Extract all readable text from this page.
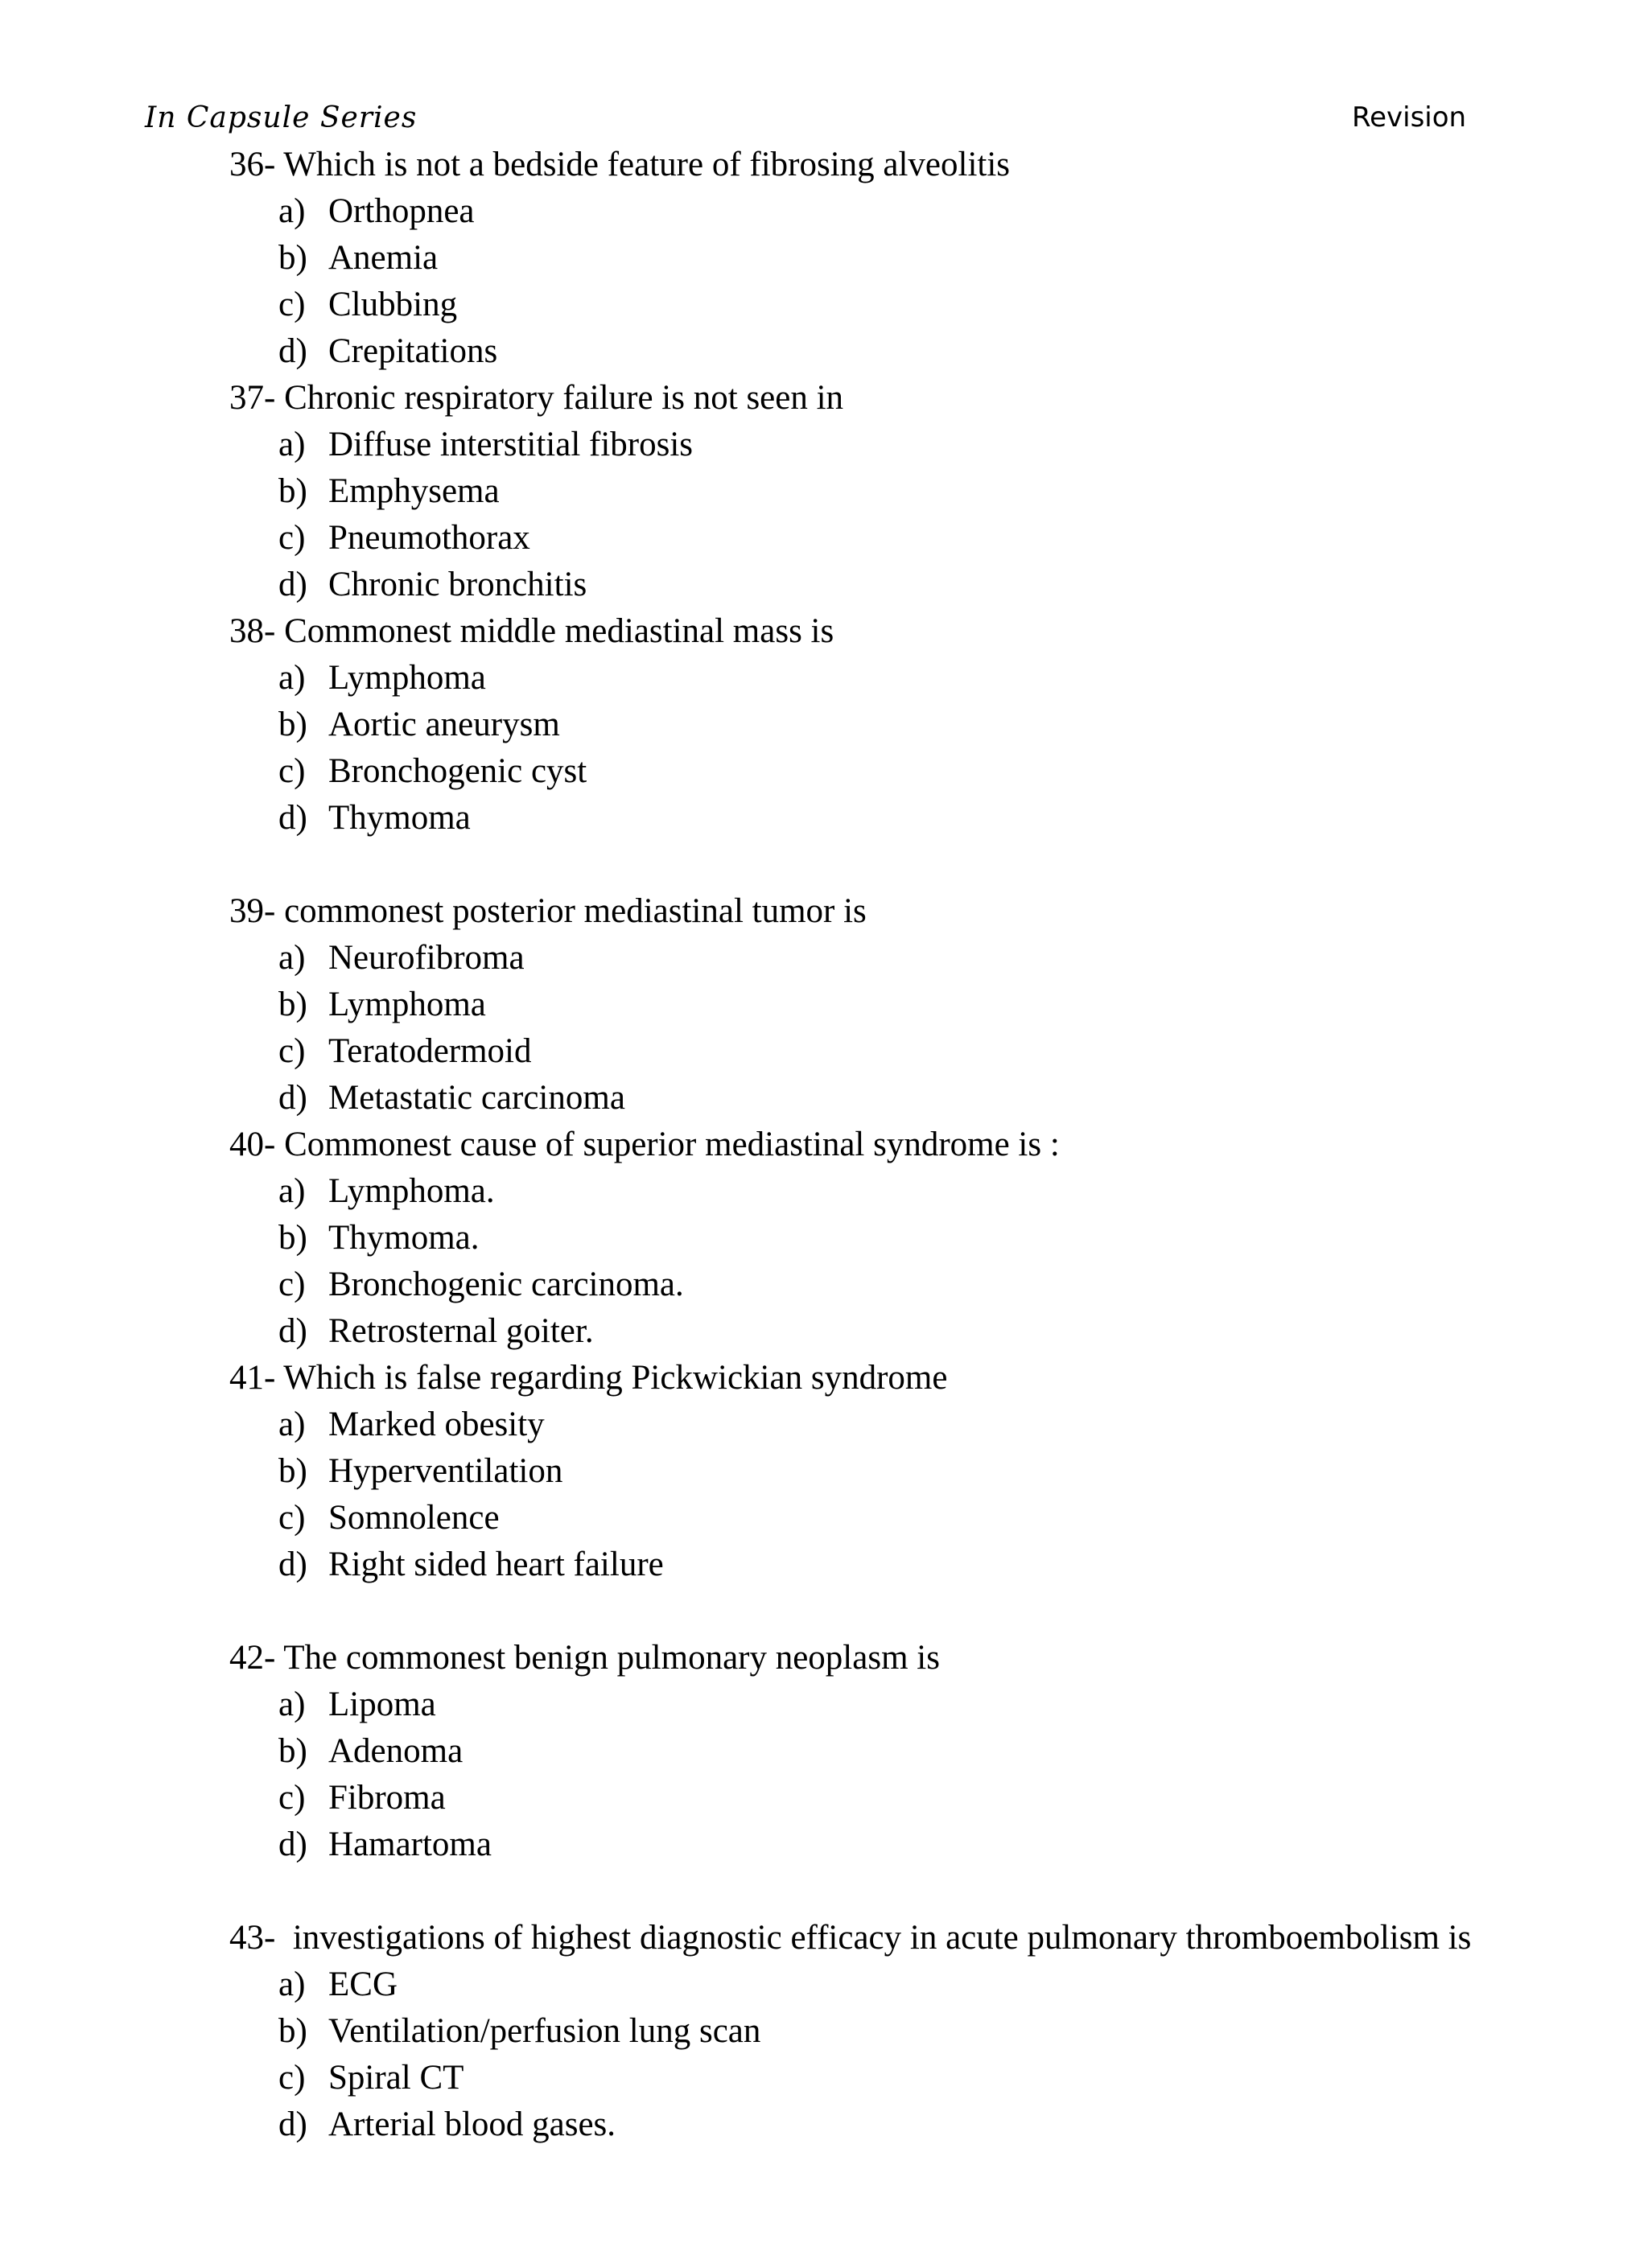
In Capsule Series	Revision
36- Which is not a bedside feature of fibrosing alveolitis
a) Orthopnea
b) Anemia
c) Clubbing
d) Crepitations
37- Chronic respiratory failure is not seen in
a) Diffuse interstitial fibrosis
b) Emphysema
c) Pneumothorax
d) Chronic bronchitis
38- Commonest middle mediastinal mass is
a) Lymphoma
b) Aortic aneurysm
c) Bronchogenic cyst
d) Thymoma
39- commonest posterior mediastinal tumor is
a) Neurofibroma
b) Lymphoma
c) Teratodermoid
d) Metastatic carcinoma
40- Commonest cause of superior mediastinal syndrome is :
a) Lymphoma.
b) Thymoma.
c) Bronchogenic carcinoma.
d) Retrosternal goiter.
41- Which is false regarding Pickwickian syndrome
a) Marked obesity
b) Hyperventilation
c) Somnolence
d) Right sided heart failure
42- The commonest benign pulmonary neoplasm is
a) Lipoma
b) Adenoma
c) Fibroma
d) Hamartoma
43-  investigations of highest diagnostic efficacy in acute pulmonary thromboembolism is
a) ECG
b) Ventilation/perfusion lung scan
c) Spiral CT
d) Arterial blood gases.
